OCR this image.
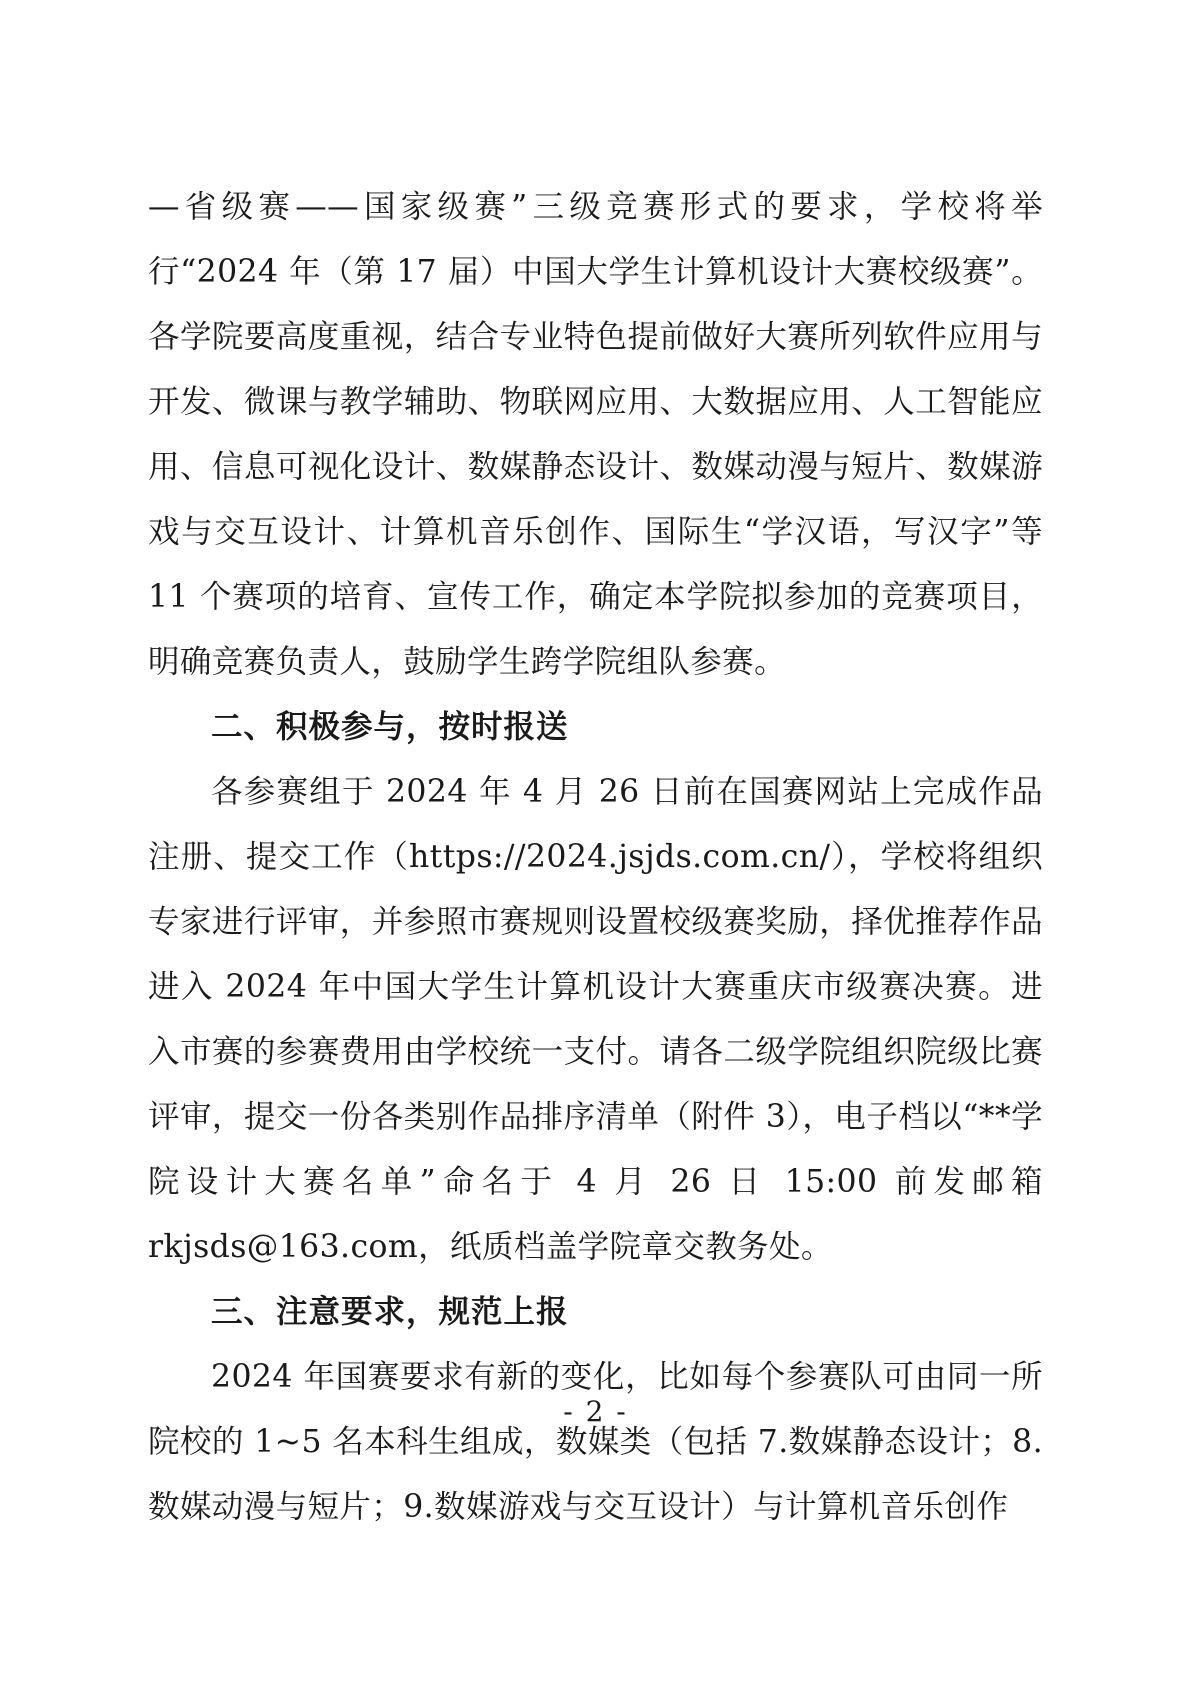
—省级赛——国家级赛”三级竞赛形式的要求，学校将举行“2024 年（第 17 届）中国大学生计算机设计大赛校级赛”。各学院要高度重视，结合专业特色提前做好大赛所列软件应用与开发、微课与教学辅助、物联网应用、大数据应用、人工智能应用、信息可视化设计、数媒静态设计、数媒动漫与短片、数媒游戏与交互设计、计算机音乐创作、国际生“学汉语，写汉字”等 11 个赛项的培育、宣传工作，确定本学院拟参加的竞赛项目，明确竞赛负责人，鼓励学生跨学院组队参赛。

二、积极参与，按时报送

各参赛组于 2024 年 4 月 26 日前在国赛网站上完成作品注册、提交工作（https://2024.jsjds.com.cn/），学校将组织专家进行评审，并参照市赛规则设置校级赛奖励，择优推荐作品进入 2024 年中国大学生计算机设计大赛重庆市级赛决赛。进入市赛的参赛费用由学校统一支付。请各二级学院组织院级比赛评审，提交一份各类别作品排序清单（附件 3），电子档以“**学院设计大赛名单”命名于 4 月 26 日 15:00 前发邮箱 rkjsds@163.com，纸质档盖学院章交教务处。

三、注意要求，规范上报

2024 年国赛要求有新的变化，比如每个参赛队可由同一所院校的 1~5 名本科生组成，数媒类（包括 7.数媒静态设计；8.数媒动漫与短片；9.数媒游戏与交互设计）与计算机音乐创作

- 2 -
